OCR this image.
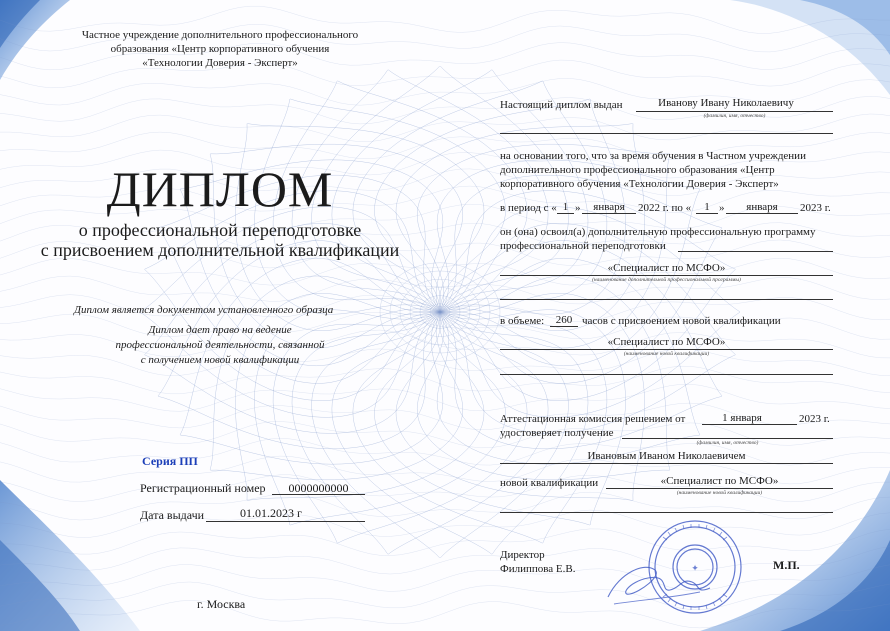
Частное учреждение дополнительного профессионального
образования «Центр корпоративного обучения
«Технологии Доверия - Эксперт»
ДИПЛОМ
о профессиональной переподготовке
с присвоением дополнительной квалификации
Диплом является документом установленного образца
Диплом дает право на ведение
профессиональной деятельности, связанной
с получением новой квалификации
Серия ПП
Регистрационный номер	0000000000
Дата выдачи	01.01.2023 г
г. Москва
Настоящий диплом выдан	Иванову Ивану Николаевичу
(фамилия, имя, отчество)
на основании того, что за время обучения в Частном учреждении
дополнительного профессионального образования «Центр
корпоративного обучения «Технологии Доверия - Эксперт»
в период с « 1 »	января	2022 г. по «	1 »	января	2023 г.
он (она) освоил(а) дополнительную профессиональную программу
профессиональной переподготовки
«Специалист по МСФО»
(наименование дополнительной профессиональной программы)
в объеме:	260 часов с присвоением новой квалификации
«Специалист по МСФО»
(наименование новой квалификации)
Аттестационная комиссия решением от	1 января	2023 г.
удостоверяет получение
(фамилия, имя, отчество)
Ивановым Иваном Николаевичем
новой квалификации	«Специалист по МСФО»
(наименование новой квалификации)
Директор
Филиппова Е.В.	М.П.
✦
